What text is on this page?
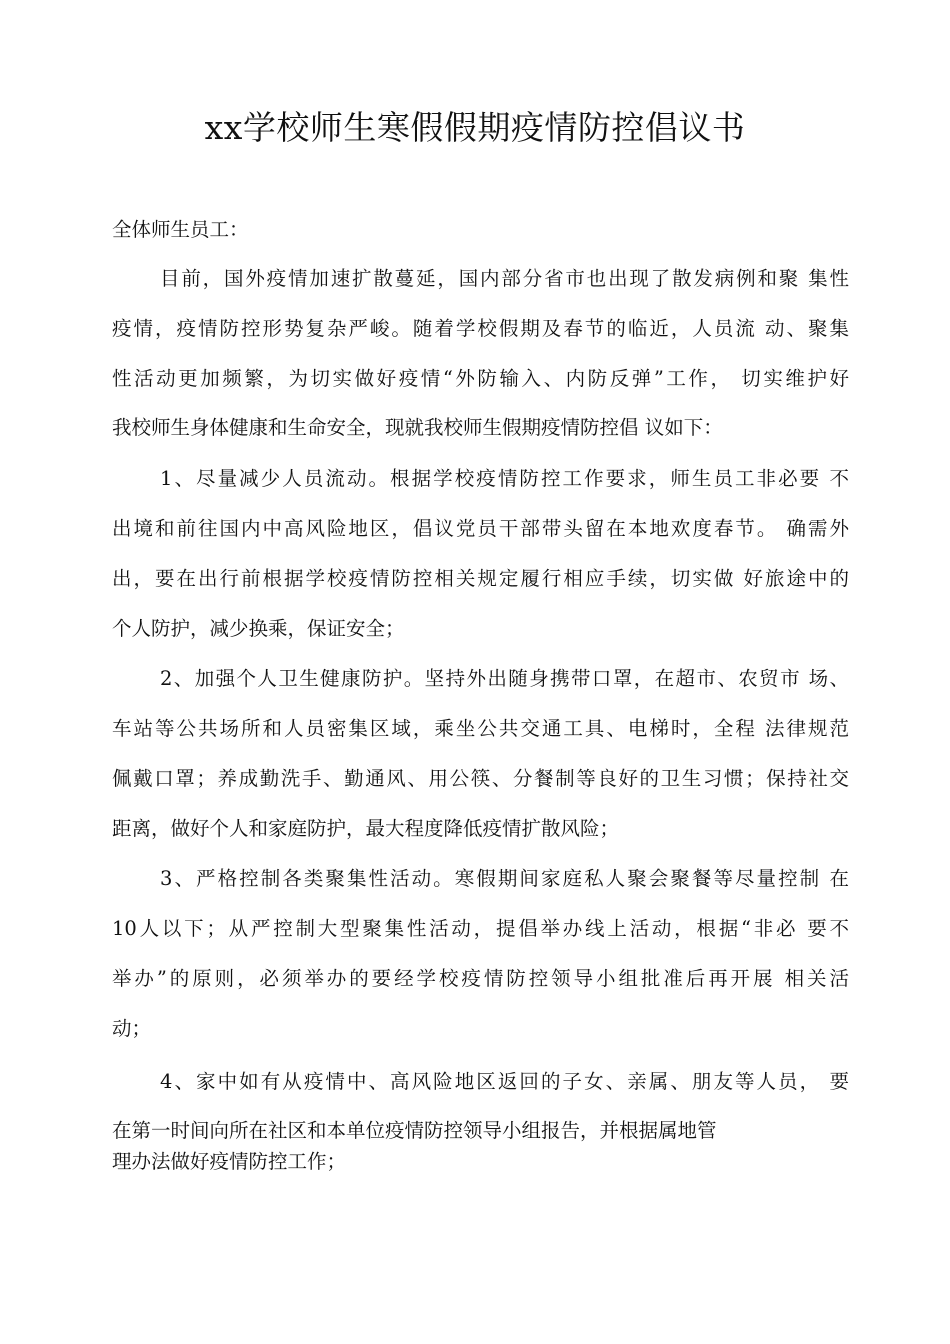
xx学校师生寒假假期疫情防控倡议书
全体师生员工：
目前，国外疫情加速扩散蔓延，国内部分省市也出现了散发病例和聚 集性
疫情，疫情防控形势复杂严峻。随着学校假期及春节的临近，人员流 动、聚集
性活动更加频繁，为切实做好疫情“外防输入、内防反弹”工作， 切实维护好
我校师生身体健康和生命安全，现就我校师生假期疫情防控倡 议如下：
1、尽量减少人员流动。根据学校疫情防控工作要求，师生员工非必要 不
出境和前往国内中高风险地区，倡议党员干部带头留在本地欢度春节。 确需外
出，要在出行前根据学校疫情防控相关规定履行相应手续，切实做 好旅途中的
个人防护，减少换乘，保证安全；
2、加强个人卫生健康防护。坚持外出随身携带口罩，在超市、农贸市 场、
车站等公共场所和人员密集区域，乘坐公共交通工具、电梯时，全程 法律规范
佩戴口罩；养成勤洗手、勤通风、用公筷、分餐制等良好的卫生习惯；保持社交
距离，做好个人和家庭防护，最大程度降低疫情扩散风险；
3、严格控制各类聚集性活动。寒假期间家庭私人聚会聚餐等尽量控制 在
10人以下；从严控制大型聚集性活动，提倡举办线上活动，根据“非必 要不
举办”的原则，必须举办的要经学校疫情防控领导小组批准后再开展 相关活
动；
4、家中如有从疫情中、高风险地区返回的子女、亲属、朋友等人员， 要
在第一时间向所在社区和本单位疫情防控领导小组报告，并根据属地管
理办法做好疫情防控工作；
